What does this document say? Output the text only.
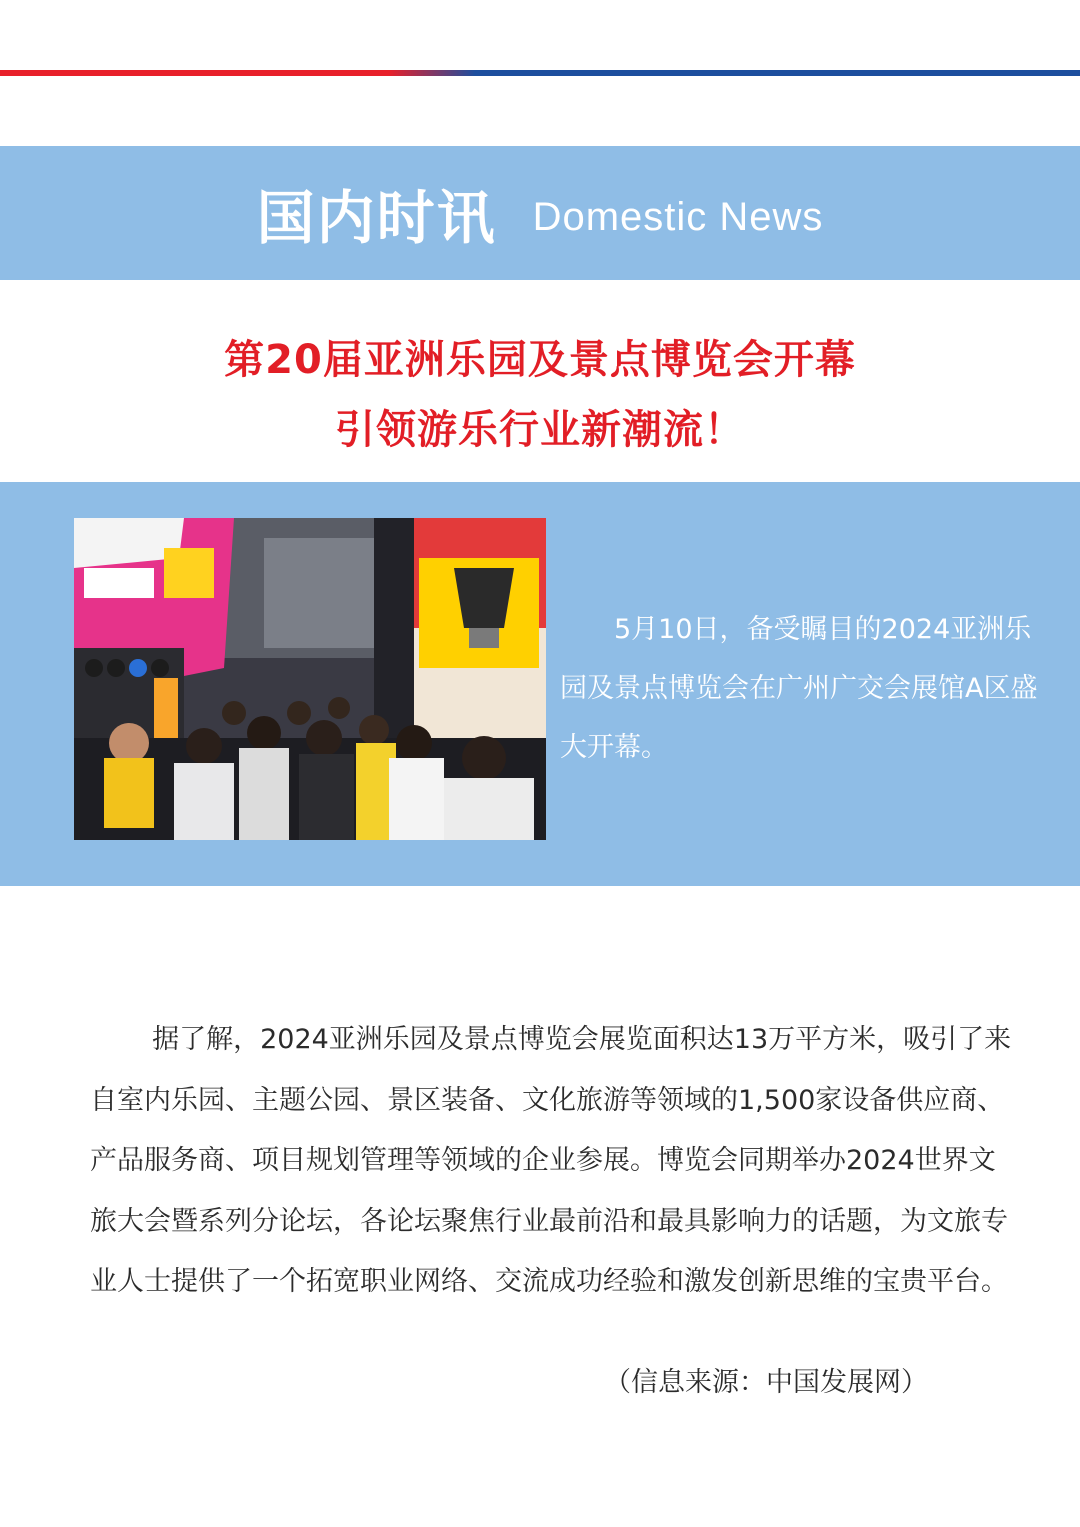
国内时讯 Domestic News
第20届亚洲乐园及景点博览会开幕
引领游乐行业新潮流！

5月10日，备受瞩目的2024亚洲乐园及景点博览会在广州广交会展馆A区盛大开幕。

据了解，2024亚洲乐园及景点博览会展览面积达13万平方米，吸引了来自室内乐园、主题公园、景区装备、文化旅游等领域的1,500家设备供应商、产品服务商、项目规划管理等领域的企业参展。博览会同期举办2024世界文旅大会暨系列分论坛，各论坛聚焦行业最前沿和最具影响力的话题，为文旅专业人士提供了一个拓宽职业网络、交流成功经验和激发创新思维的宝贵平台。

（信息来源：中国发展网）
